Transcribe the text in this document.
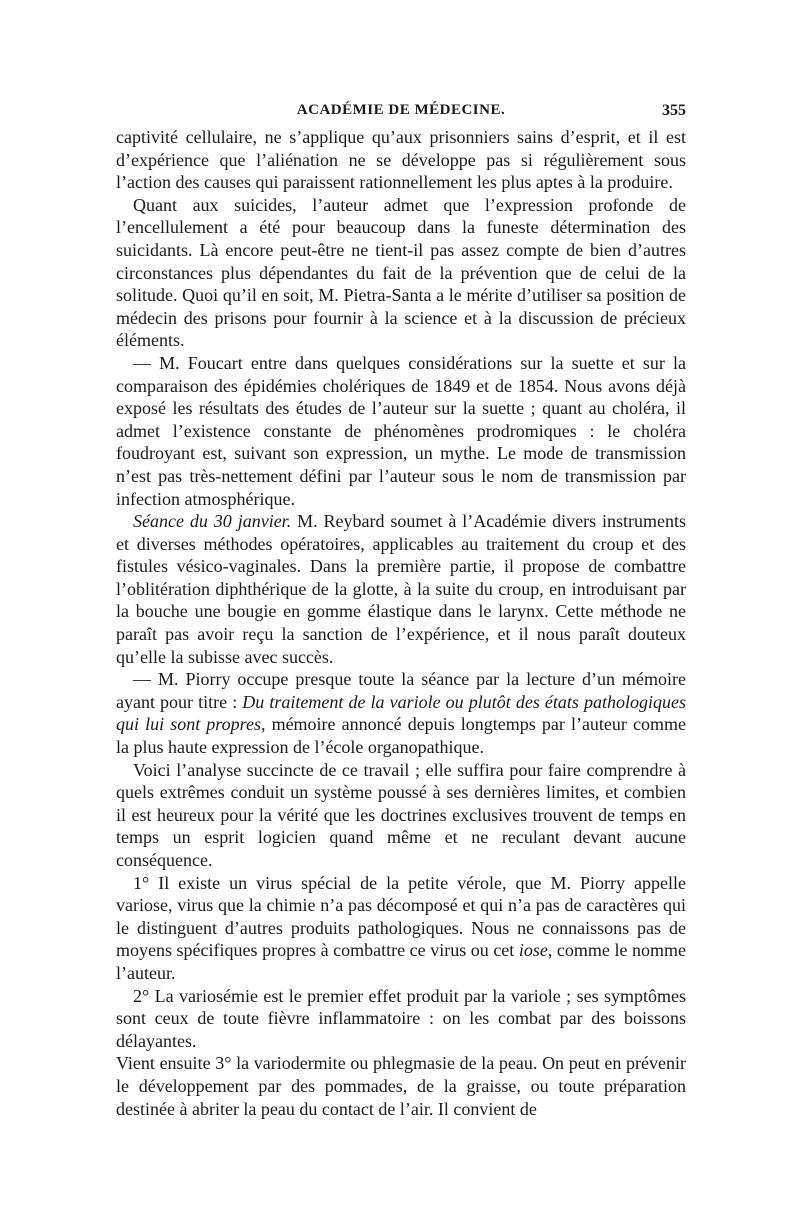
ACADÉMIE DE MÉDECINE.	355

captivité cellulaire, ne s’applique qu’aux prisonniers sains d’esprit, et il est d’expérience que l’aliénation ne se développe pas si régulièrement sous l’action des causes qui paraissent rationnellement les plus aptes à la produire.

Quant aux suicides, l’auteur admet que l’expression profonde de l’encellulement a été pour beaucoup dans la funeste détermination des suicidants. Là encore peut-être ne tient-il pas assez compte de bien d’autres circonstances plus dépendantes du fait de la prévention que de celui de la solitude. Quoi qu’il en soit, M. Pietra-Santa a le mérite d’utiliser sa position de médecin des prisons pour fournir à la science et à la discussion de précieux éléments.

— M. Foucart entre dans quelques considérations sur la suette et sur la comparaison des épidémies cholériques de 1849 et de 1854. Nous avons déjà exposé les résultats des études de l’auteur sur la suette ; quant au choléra, il admet l’existence constante de phénomènes prodromiques : le choléra foudroyant est, suivant son expression, un mythe. Le mode de transmission n’est pas très-nettement défini par l’auteur sous le nom de transmission par infection atmosphérique.

Séance du 30 janvier. M. Reybard soumet à l’Académie divers instruments et diverses méthodes opératoires, applicables au traitement du croup et des fistules vésico-vaginales. Dans la première partie, il propose de combattre l’oblitération diphthérique de la glotte, à la suite du croup, en introduisant par la bouche une bougie en gomme élastique dans le larynx. Cette méthode ne paraît pas avoir reçu la sanction de l’expérience, et il nous paraît douteux qu’elle la subisse avec succès.

— M. Piorry occupe presque toute la séance par la lecture d’un mémoire ayant pour titre : Du traitement de la variole ou plutôt des états pathologiques qui lui sont propres, mémoire annoncé depuis longtemps par l’auteur comme la plus haute expression de l’école organopathique.

Voici l’analyse succincte de ce travail ; elle suffira pour faire comprendre à quels extrêmes conduit un système poussé à ses dernières limites, et combien il est heureux pour la vérité que les doctrines exclusives trouvent de temps en temps un esprit logicien quand même et ne reculant devant aucune conséquence.

1° Il existe un virus spécial de la petite vérole, que M. Piorry appelle variose, virus que la chimie n’a pas décomposé et qui n’a pas de caractères qui le distinguent d’autres produits pathologiques. Nous ne connaissons pas de moyens spécifiques propres à combattre ce virus ou cet iose, comme le nomme l’auteur.

2° La variosémie est le premier effet produit par la variole ; ses symptômes sont ceux de toute fièvre inflammatoire : on les combat par des boissons délayantes.

Vient ensuite 3° la variodermite ou phlegmasie de la peau. On peut en prévenir le développement par des pommades, de la graisse, ou toute préparation destinée à abriter la peau du contact de l’air. Il convient de
